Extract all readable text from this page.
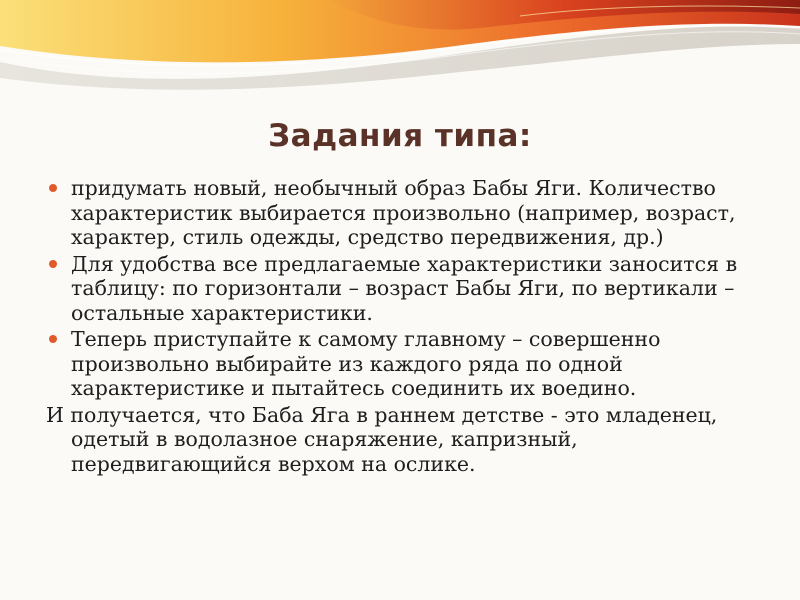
Задания типа:
придумать новый, необычный образ Бабы Яги. Количество характеристик выбирается произвольно (например, возраст, характер, стиль одежды, средство передвижения, др.)
Для удобства все предлагаемые характеристики заносится в таблицу: по горизонтали – возраст Бабы Яги, по вертикали – остальные характеристики.
Теперь приступайте к самому главному – совершенно произвольно выбирайте из каждого ряда по одной характеристике и пытайтесь соединить их воедино.
И получается, что Баба Яга в раннем детстве - это младенец, одетый в водолазное снаряжение, капризный, передвигающийся верхом на ослике.
